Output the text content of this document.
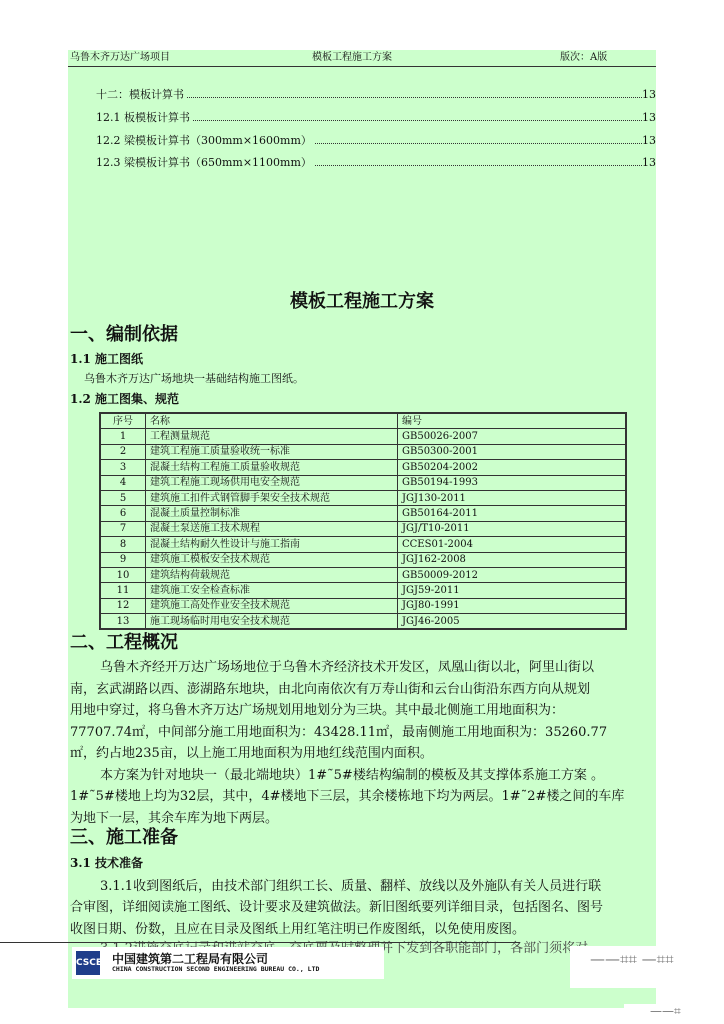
乌鲁木齐万达广场项目	模板工程施工方案	版次：A版
十二：模板计算书	13
12.1 板模板计算书	13
12.2 梁模板计算书（300mm×1600mm）	13
12.3 梁模板计算书（650mm×1100mm）	13
模板工程施工方案
一、编制依据
1.1 施工图纸
乌鲁木齐万达广场地块一基础结构施工图纸。
1.2 施工图集、规范
序号	名称	编号
1	工程测量规范	GB50026-2007
2	建筑工程施工质量验收统一标准	GB50300-2001
3	混凝土结构工程施工质量验收规范	GB50204-2002
4	建筑工程施工现场供用电安全规范	GB50194-1993
5	建筑施工扣件式钢管脚手架安全技术规范	JGJ130-2011
6	混凝土质量控制标准	GB50164-2011
7	混凝土泵送施工技术规程	JGJ/T10-2011
8	混凝土结构耐久性设计与施工指南	CCES01-2004
9	建筑施工模板安全技术规范	JGJ162-2008
10	建筑结构荷载规范	GB50009-2012
11	建筑施工安全检查标准	JGJ59-2011
12	建筑施工高处作业安全技术规范	JGJ80-1991
13	施工现场临时用电安全技术规范	JGJ46-2005
二、工程概况
乌鲁木齐经开万达广场场地位于乌鲁木齐经济技术开发区，凤凰山街以北，阿里山街以
南，玄武湖路以西、澎湖路东地块，由北向南依次有万寿山街和云台山街沿东西方向从规划
用地中穿过，将乌鲁木齐万达广场规划用地划分为三块。其中最北侧施工用地面积为：
77707.74㎡，中间部分施工用地面积为：43428.11㎡，最南侧施工用地面积为：35260.77
㎡，约占地235亩，以上施工用地面积为用地红线范围内面积。
本方案为针对地块一（最北端地块）1#˜5#楼结构编制的模板及其支撑体系施工方案 。
1#˜5#楼地上均为32层，其中，4#楼地下三层，其余楼栋地下均为两层。1#˜2#楼之间的车库
为地下一层，其余车库为地下两层。
三、施工准备
3.1 技术准备
3.1.1收到图纸后，由技术部门组织工长、质量、翻样、放线以及外施队有关人员进行联
合审图，详细阅读施工图纸、设计要求及建筑做法。新旧图纸要列详细目录，包括图名、图号
收图日期、份数，且应在目录及图纸上用红笔注明已作废图纸，以免使用废图。
CSCEC 中国建筑第二工程局有限公司
CHINA CONSTRUCTION SECOND ENGINEERING BUREAU CO., LTD
——⌗⌗ —⌗⌗
——⌗
